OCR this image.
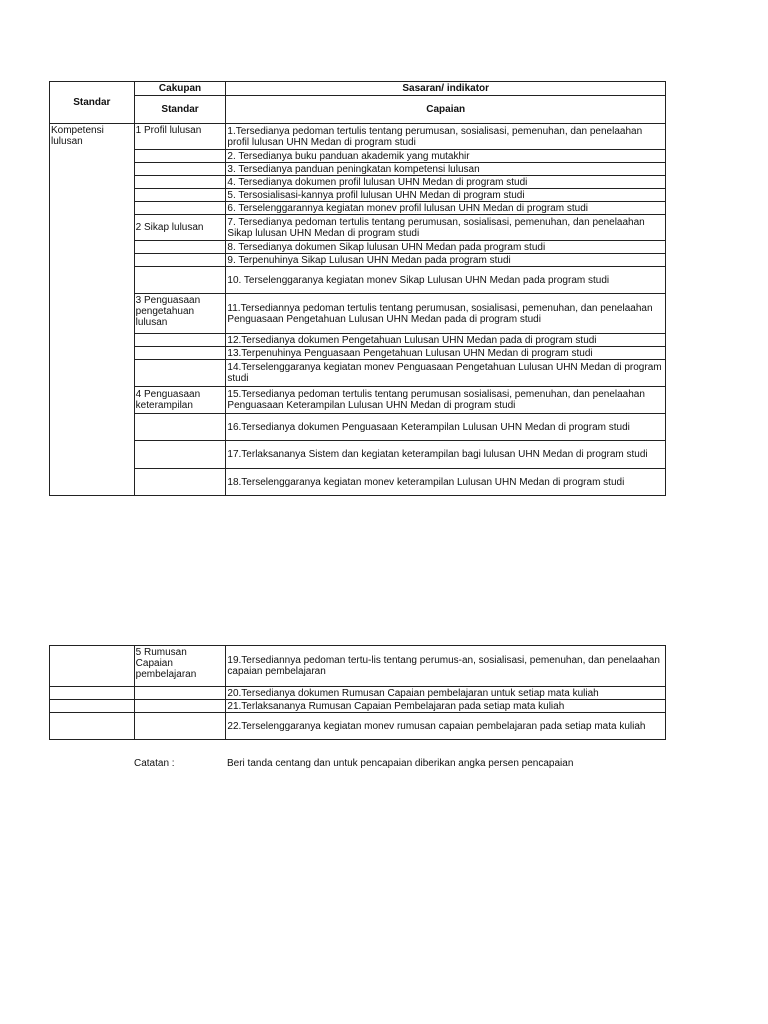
Standar	Cakupan	Sasaran/ indikator
	Standar	Capaian
Kompetensi lulusan	1 Profil lulusan	1.Tersedianya pedoman tertulis tentang perumusan, sosialisasi, pemenuhan, dan penelaahan profil lulusan UHN Medan di program studi
		2. Tersedianya buku panduan akademik yang mutakhir
		3. Tersedianya panduan peningkatan kompetensi lulusan
		4. Tersedianya dokumen profil lulusan UHN Medan di program studi
		5. Tersosialisasi-kannya profil lulusan UHN Medan di program studi
		6. Terselenggarannya kegiatan monev profil lulusan UHN Medan di program studi
	2 Sikap lulusan	7. Tersedianya pedoman tertulis tentang perumusan, sosialisasi, pemenuhan, dan penelaahan Sikap lulusan UHN Medan di program studi
		8. Tersedianya dokumen Sikap lulusan UHN Medan pada program studi
		9. Terpenuhinya Sikap Lulusan UHN Medan pada program studi
		10. Terselenggaranya kegiatan monev Sikap Lulusan UHN Medan pada program studi
	3 Penguasaan pengetahuan lulusan	11.Tersediannya pedoman tertulis tentang perumusan, sosialisasi, pemenuhan, dan penelaahan Penguasaan Pengetahuan Lulusan UHN Medan pada di program studi
		12.Tersedianya dokumen Pengetahuan Lulusan UHN Medan pada di program studi
		13.Terpenuhinya Penguasaan Pengetahuan Lulusan UHN Medan di program studi
		14.Terselenggaranya kegiatan monev Penguasaan Pengetahuan Lulusan UHN Medan di program studi
	4 Penguasaan keterampilan	15.Tersedianya pedoman tertulis tentang perumusan sosialisasi, pemenuhan, dan penelaahan Penguasaan Keterampilan Lulusan UHN Medan di program studi
		16.Tersedianya dokumen Penguasaan Keterampilan Lulusan UHN Medan di program studi
		17.Terlaksananya Sistem dan kegiatan keterampilan bagi lulusan UHN Medan di program studi
		18.Terselenggaranya kegiatan monev keterampilan Lulusan UHN Medan di program studi
	5 Rumusan Capaian pembelajaran	19.Tersediannya pedoman tertu-lis tentang perumus-an, sosialisasi, pemenuhan, dan penelaahan capaian pembelajaran
		20.Tersedianya dokumen Rumusan Capaian pembelajaran untuk setiap mata kuliah
		21.Terlaksananya Rumusan Capaian Pembelajaran pada setiap mata kuliah
		22.Terselenggaranya kegiatan monev rumusan capaian pembelajaran pada setiap mata kuliah
Catatan :	Beri tanda centang dan untuk pencapaian diberikan angka persen pencapaian
